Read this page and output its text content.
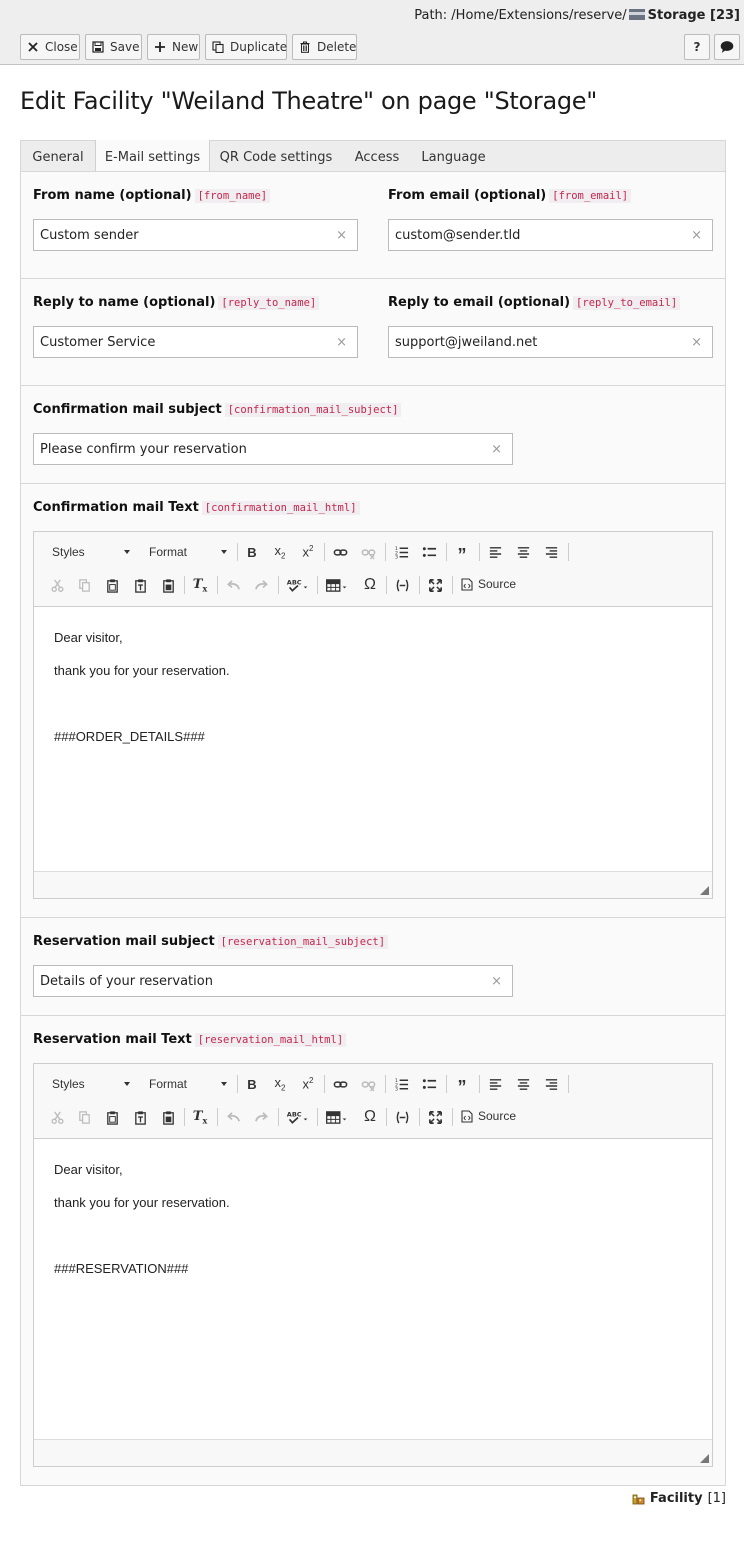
Path: /Home/Extensions/reserve/ Storage [23]
Close	Save	New	Duplicate Delete	?
Edit Facility "Weiland Theatre" on page "Storage"
General E-Mail settings QR Code settings Access Language
From name (optional) [from_name]
Custom sender	×
From email (optional) [from_email]
custom@sender.tld	×
Reply to name (optional) [reply_to_name]
Customer Service	×
Reply to email (optional) [reply_to_email]
support@jweiland.net	×
Confirmation mail subject [confirmation_mail_subject]
Please confirm your reservation	×
Confirmation mail Text [confirmation_mail_html]
Styles	Format	B	$x_2$ $x^2$	1
2
3	”
$T_x$
ABC	Ω	Source

Dear visitor,

thank you for your reservation.

###ORDER_DETAILS###

Reservation mail subject [reservation_mail_subject]
Details of your reservation	×
Reservation mail Text [reservation_mail_html]
Styles	Format	B	$x_2$ $x^2$	1
2
3	”
$T_x$
ABC	Ω	Source

Dear visitor,

thank you for your reservation.

###RESERVATION###

Facility [1]
